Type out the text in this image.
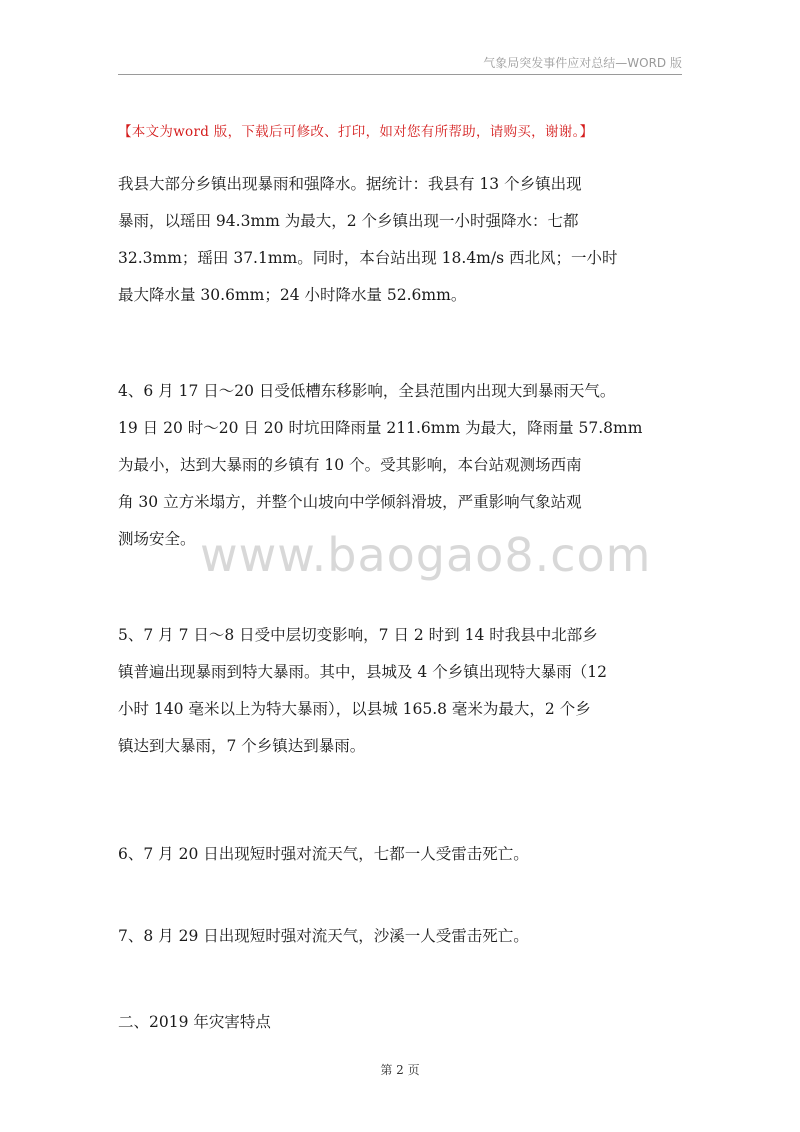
气象局突发事件应对总结—WORD 版
【本文为word 版，下载后可修改、打印，如对您有所帮助，请购买，谢谢。】
www.baogao8.com
我县大部分乡镇出现暴雨和强降水。据统计：我县有 13 个乡镇出现
暴雨，以瑶田 94.3mm 为最大，2 个乡镇出现一小时强降水：七都
32.3mm；瑶田 37.1mm。同时，本台站出现 18.4m/s 西北风；一小时
最大降水量 30.6mm；24 小时降水量 52.6mm。
4、6 月 17 日～20 日受低槽东移影响，全县范围内出现大到暴雨天气。
19 日 20 时～20 日 20 时坑田降雨量 211.6mm 为最大，降雨量 57.8mm
为最小，达到大暴雨的乡镇有 10 个。受其影响，本台站观测场西南
角 30 立方米塌方，并整个山坡向中学倾斜滑坡，严重影响气象站观
测场安全。
5、7 月 7 日～8 日受中层切变影响，7 日 2 时到 14 时我县中北部乡
镇普遍出现暴雨到特大暴雨。其中，县城及 4 个乡镇出现特大暴雨（12
小时 140 毫米以上为特大暴雨），以县城 165.8 毫米为最大，2 个乡
镇达到大暴雨，7 个乡镇达到暴雨。
6、7 月 20 日出现短时强对流天气，七都一人受雷击死亡。
7、8 月 29 日出现短时强对流天气，沙溪一人受雷击死亡。
二、2019 年灾害特点
第 2 页
